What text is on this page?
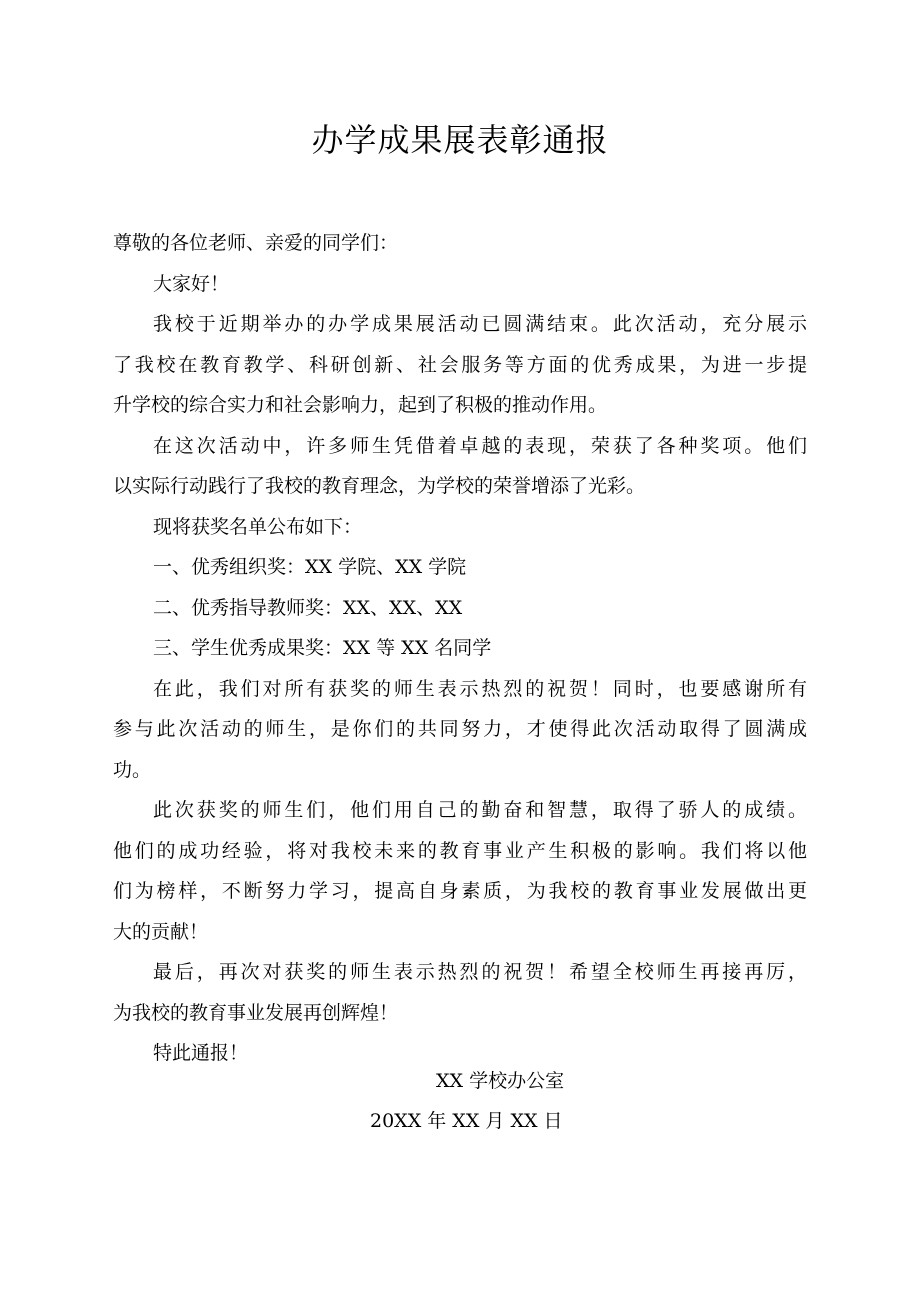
办学成果展表彰通报

尊敬的各位老师、亲爱的同学们：

大家好！

我校于近期举办的办学成果展活动已圆满结束。此次活动，充分展示

了我校在教育教学、科研创新、社会服务等方面的优秀成果，为进一步提

升学校的综合实力和社会影响力，起到了积极的推动作用。

在这次活动中，许多师生凭借着卓越的表现，荣获了各种奖项。他们

以实际行动践行了我校的教育理念，为学校的荣誉增添了光彩。

现将获奖名单公布如下：

一、优秀组织奖：XX 学院、XX 学院

二、优秀指导教师奖：XX、XX、XX

三、学生优秀成果奖：XX 等 XX 名同学

在此，我们对所有获奖的师生表示热烈的祝贺！同时，也要感谢所有

参与此次活动的师生，是你们的共同努力，才使得此次活动取得了圆满成

功。

此次获奖的师生们，他们用自己的勤奋和智慧，取得了骄人的成绩。

他们的成功经验，将对我校未来的教育事业产生积极的影响。我们将以他

们为榜样，不断努力学习，提高自身素质，为我校的教育事业发展做出更

大的贡献！

最后，再次对获奖的师生表示热烈的祝贺！希望全校师生再接再厉，

为我校的教育事业发展再创辉煌！

特此通报！

XX 学校办公室
20XX 年 XX 月 XX 日
